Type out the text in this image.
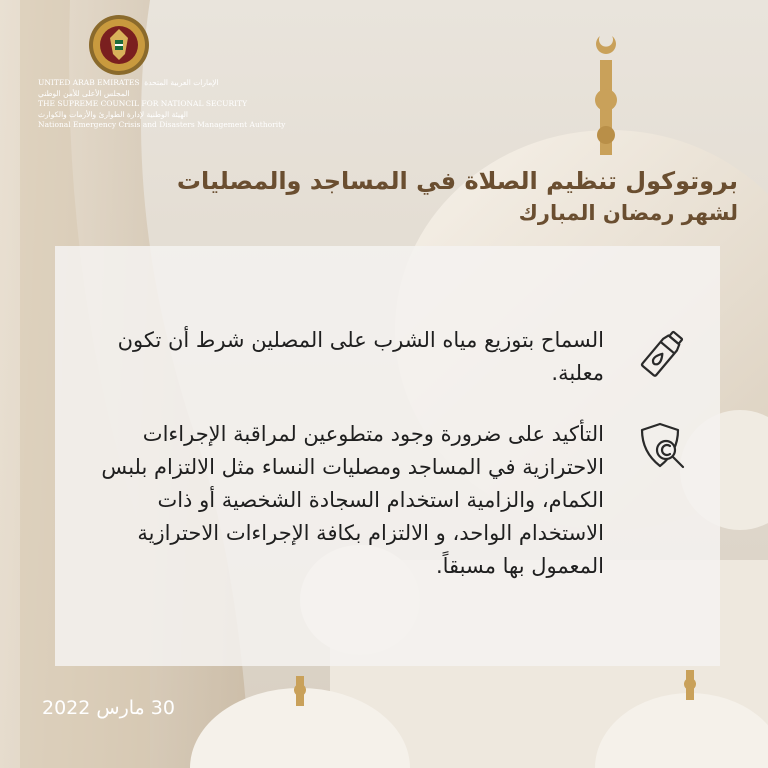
UNITED ARAB EMIRATES الإمارات العربية المتحدة
المجلس الأعلى للأمن الوطني
THE SUPREME COUNCIL FOR NATIONAL SECURITY
الهيئة الوطنية لإدارة الطوارئ والأزمات والكوارث
National Emergency Crisis and Disasters Management Authority
بروتوكول تنظيم الصلاة في المساجد والمصليات
لشهر رمضان المبارك
السماح بتوزيع مياه الشرب على المصلين شرط أن تكون معلبة.
التأكيد على ضرورة وجود متطوعين لمراقبة الإجراءات الاحترازية في المساجد ومصليات النساء مثل الالتزام بلبس الكمام، والزامية استخدام السجادة الشخصية أو ذات الاستخدام الواحد، و الالتزام بكافة الإجراءات الاحترازية المعمول بها مسبقاً.
30 مارس 2022
